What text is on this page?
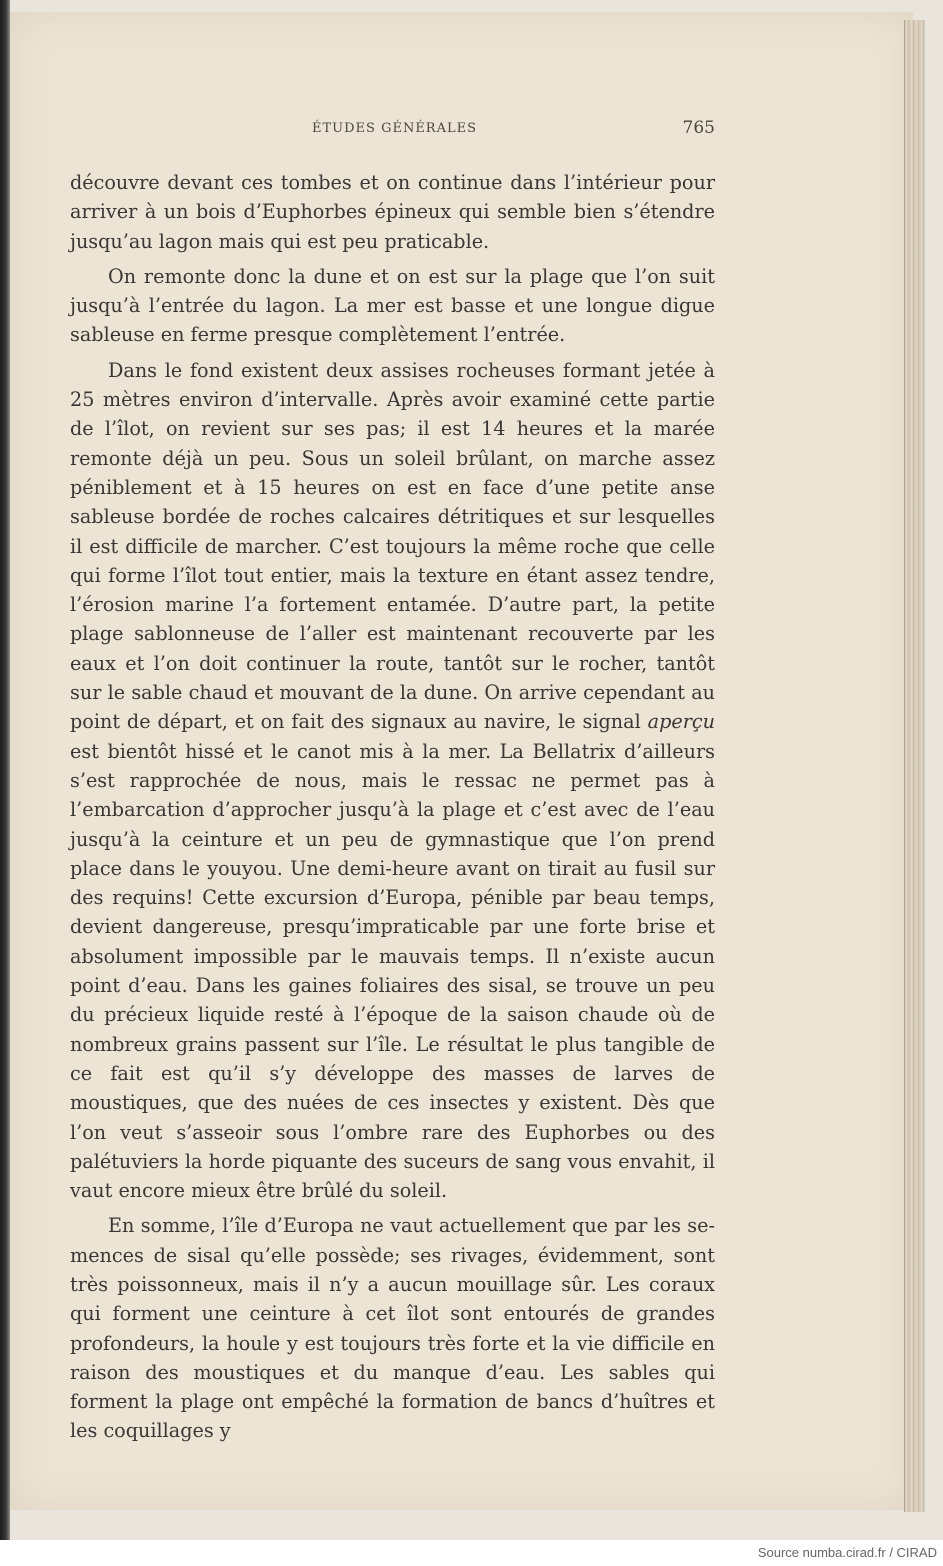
ÉTUDES GÉNÉRALES	765

découvre devant ces tombes et on continue dans l’intérieur pour arriver à un bois d’Euphorbes épineux qui semble bien s’étendre jusqu’au lagon mais qui est peu praticable.

On remonte donc la dune et on est sur la plage que l’on suit jusqu’à l’entrée du lagon. La mer est basse et une longue digue sableuse en ferme presque complètement l’entrée.

Dans le fond existent deux assises rocheuses formant jetée à 25 mètres environ d’intervalle. Après avoir examiné cette partie de l’îlot, on revient sur ses pas; il est 14 heures et la marée remonte déjà un peu. Sous un soleil brûlant, on marche assez péniblement et à 15 heures on est en face d’une petite anse sableuse bordée de roches calcaires détritiques et sur lesquelles il est difficile de marcher. C’est toujours la même roche que celle qui forme l’îlot tout entier, mais la texture en étant assez tendre, l’érosion marine l’a fortement entamée. D’autre part, la petite plage sablonneuse de l’aller est maintenant recouverte par les eaux et l’on doit continuer la route, tantôt sur le rocher, tantôt sur le sable chaud et mouvant de la dune. On arrive cependant au point de départ, et on fait des signaux au navire, le signal aperçu est bientôt hissé et le canot mis à la mer. La Bellatrix d’ailleurs s’est rapprochée de nous, mais le ressac ne permet pas à l’embarcation d’approcher jusqu’à la plage et c’est avec de l’eau jusqu’à la ceinture et un peu de gymnastique que l’on prend place dans le youyou. Une demi-heure avant on tirait au fusil sur des requins! Cette excursion d’Europa, pénible par beau temps, devient dangereuse, presqu’impraticable par une forte brise et absolument impossible par le mauvais temps. Il n’existe aucun point d’eau. Dans les gaines foliaires des sisal, se trouve un peu du précieux liquide resté à l’époque de la saison chaude où de nombreux grains passent sur l’île. Le résultat le plus tangible de ce fait est qu’il s’y développe des masses de larves de moustiques, que des nuées de ces insectes y existent. Dès que l’on veut s’asseoir sous l’ombre rare des Euphorbes ou des palétuviers la horde piquante des suceurs de sang vous envahit, il vaut encore mieux être brûlé du soleil.

En somme, l’île d’Europa ne vaut actuellement que par les semences de sisal qu’elle possède; ses rivages, évidemment, sont très poissonneux, mais il n’y a aucun mouillage sûr. Les coraux qui forment une ceinture à cet îlot sont entourés de grandes profondeurs, la houle y est toujours très forte et la vie difficile en raison des moustiques et du manque d’eau. Les sables qui forment la plage ont empêché la formation de bancs d’huîtres et les coquillages y

Source numba.cirad.fr / CIRAD
